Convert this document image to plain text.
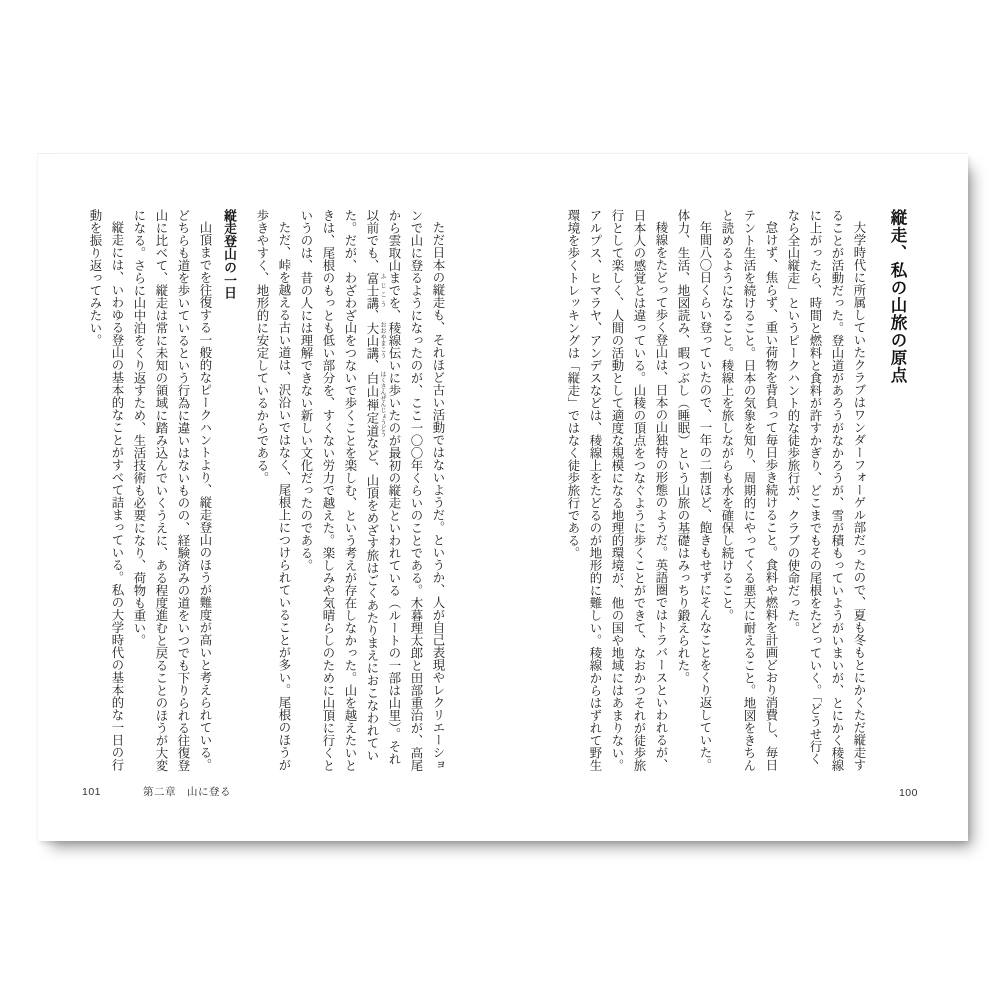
ただ日本の縦走も、それほど古い活動ではないようだ。というか、人が自己表現やレクリエーションで山に登るようになったのが、ここ一〇〇年くらいのことである。木暮理太郎と田部重治が、高尾から雲取山までを、稜線伝いに歩いたのが最初の縦走といわれている（ルートの一部は山里）。それ以前でも、富士講 ふじこう、大山講 おおやまこう、白山禅定道 はくさんぜんじょうどうなど、山頂をめざす旅はごくあたりまえにおこなわれていた。だが、わざわざ山をつないで歩くことを楽しむ、という考えが存在しなかった。山を越えたいときは、尾根のもっとも低い部分を、すくない労力で越えた。楽しみや気晴らしのために山頂に行くというのは、昔の人には理解できない新しい文化だったのである。

ただ、峠を越える古い道は、沢沿いではなく、尾根上につけられていることが多い。尾根のほうが歩きやすく、地形的に安定しているからである。

縦走登山の一日

山頂までを往復する一般的なピークハントより、縦走登山のほうが難度が高いと考えられている。どちらも道を歩いているという行為に違いはないものの、経験済みの道をいつでも下りられる往復登山に比べて、縦走は常に未知の領域に踏み込んでいくうえに、ある程度進むと戻ることのほうが大変になる。さらに山中泊をくり返すため、生活技術も必要になり、荷物も重い。

縦走には、いわゆる登山の基本的なことがすべて詰まっている。私の大学時代の基本的な一日の行動を振り返ってみたい。

101	第二章　山に登る
縦走、私の山旅の原点

大学時代に所属していたクラブはワンダーフォーゲル部だったので、夏も冬もとにかくただ縦走することが活動だった。登山道があろうがなかろうが、雪が積もっていようがいまいが、とにかく稜線に上がったら、時間と燃料と食料が許すかぎり、どこまでもその尾根をたどっていく。「どうせ行くなら全山縦走」というピークハント的な徒歩旅行が、クラブの使命だった。

怠けず、焦らず、重い荷物を背負って毎日歩き続けること。食料や燃料を計画どおり消費し、毎日テント生活を続けること。日本の気象を知り、周期的にやってくる悪天に耐えること。地図をきちんと読めるようになること。稜線上を旅しながらも水を確保し続けること。

年間八〇日くらい登っていたので、一年の二割ほど、飽きもせずにそんなことをくり返していた。体力、生活、地図読み、暇つぶし（睡眠）という山旅の基礎はみっちり鍛えられた。

稜線をたどって歩く登山は、日本の山独特の形態のようだ。英語圏ではトラバースといわれるが、日本人の感覚とは違っている。山稜の頂点をつなぐように歩くことができて、なおかつそれが徒歩旅行として楽しく、人間の活動として適度な規模になる地理的環境が、他の国や地域にはあまりない。アルプス、ヒマラヤ、アンデスなどは、稜線上をたどるのが地形的に難しい。稜線からはずれて野生環境を歩くトレッキングは「縦走」ではなく徒歩旅行である。

100
